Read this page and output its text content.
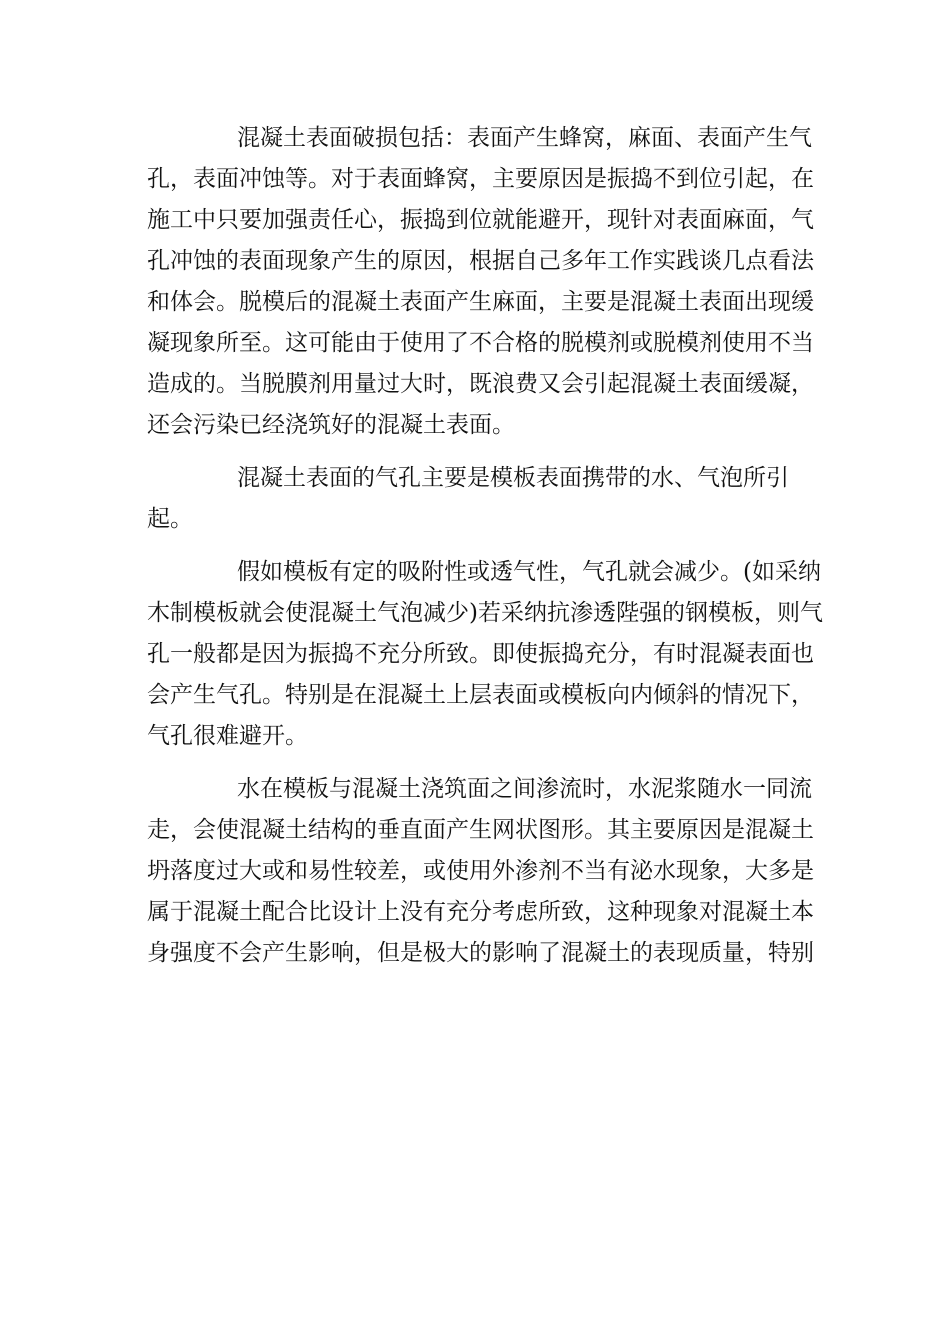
混凝土表面破损包括：表面产生蜂窝，麻面、表面产生气
孔，表面冲蚀等。对于表面蜂窝，主要原因是振捣不到位引起，在
施工中只要加强责任心，振捣到位就能避开，现针对表面麻面，气
孔冲蚀的表面现象产生的原因，根据自己多年工作实践谈几点看法
和体会。脱模后的混凝土表面产生麻面，主要是混凝土表面出现缓
凝现象所至。这可能由于使用了不合格的脱模剂或脱模剂使用不当
造成的。当脱膜剂用量过大时，既浪费又会引起混凝土表面缓凝，
还会污染已经浇筑好的混凝土表面。
混凝土表面的气孔主要是模板表面携带的水、气泡所引
起。
假如模板有定的吸附性或透气性，气孔就会减少。(如采纳
木制模板就会使混凝土气泡减少)若采纳抗渗透陛强的钢模板，则气
孔一般都是因为振捣不充分所致。即使振捣充分，有时混凝表面也
会产生气孔。特别是在混凝土上层表面或模板向内倾斜的情况下，
气孔很难避开。
水在模板与混凝土浇筑面之间渗流时，水泥浆随水一同流
走，会使混凝土结构的垂直面产生网状图形。其主要原因是混凝土
坍落度过大或和易性较差，或使用外渗剂不当有泌水现象，大多是
属于混凝土配合比设计上没有充分考虑所致，这种现象对混凝土本
身强度不会产生影响，但是极大的影响了混凝土的表现质量，特别
